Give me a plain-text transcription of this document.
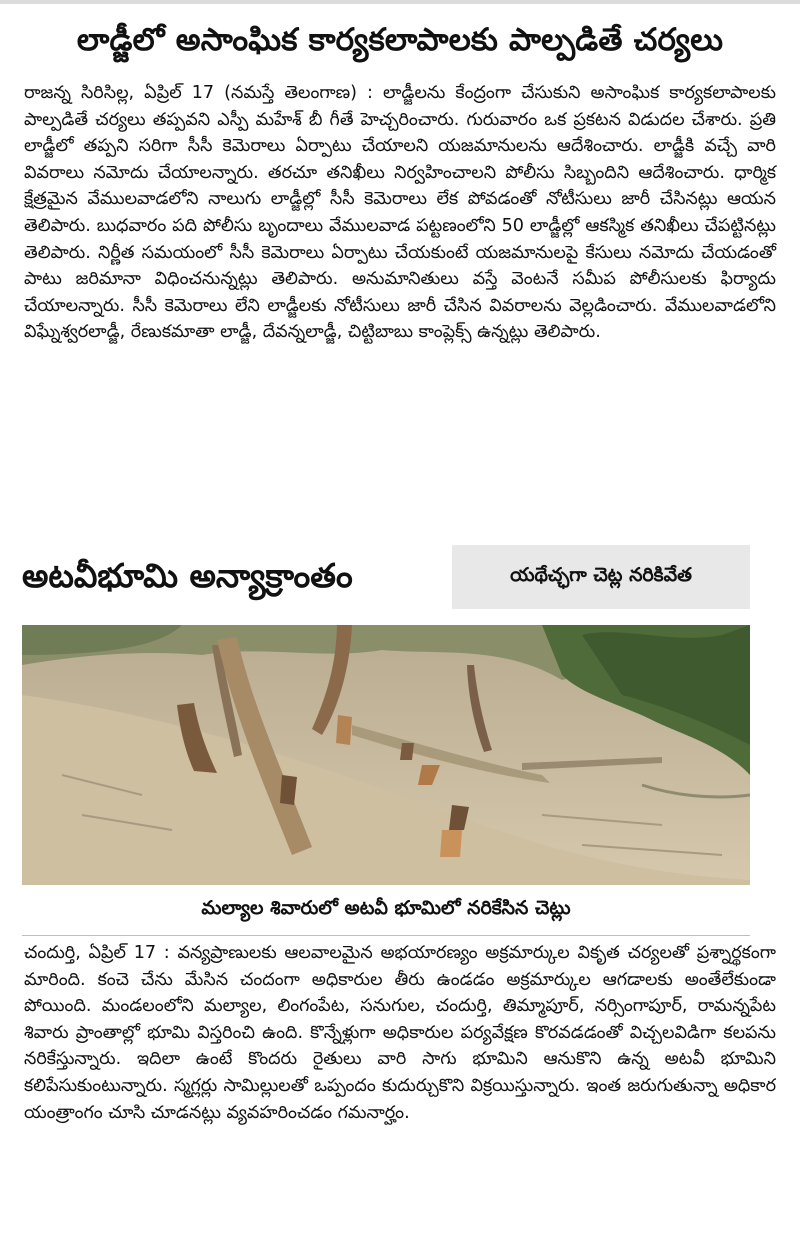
లాడ్జీలో అసాంఘిక కార్యకలాపాలకు పాల్పడితే చర్యలు
రాజన్న సిరిసిల్ల, ఏప్రిల్ 17 (నమస్తే తెలంగాణ) : లాడ్జీలను కేంద్రంగా చేసుకుని అసాంఘిక కార్యకలాపాలకు పాల్పడితే చర్యలు తప్పవని ఎస్పీ మహేశ్ బీ గీతే హెచ్చరించారు. గురువారం ఒక ప్రకటన విడుదల చేశారు. ప్రతి లాడ్జీలో తప్పని సరిగా సీసీ కెమెరాలు ఏర్పాటు చేయాలని యజమానులను ఆదేశించారు. లాడ్జీకి వచ్చే వారి వివరాలు నమోదు చేయాలన్నారు. తరచూ తనిఖీలు నిర్వహించాలని పోలీసు సిబ్బందిని ఆదేశించారు. ధార్మిక క్షేత్రమైన వేములవాడలోని నాలుగు లాడ్జీల్లో సీసీ కెమెరాలు లేక పోవడంతో నోటీసులు జారీ చేసినట్లు ఆయన తెలిపారు. బుధవారం పది పోలీసు బృందాలు వేములవాడ పట్టణంలోని 50 లాడ్జీల్లో ఆకస్మిక తనిఖీలు చేపట్టినట్లు తెలిపారు. నిర్ణీత సమయంలో సీసీ కెమెరాలు ఏర్పాటు చేయకుంటే యజమానులపై కేసులు నమోదు చేయడంతో పాటు జరిమానా విధించనున్నట్లు తెలిపారు. అనుమానితులు వస్తే వెంటనే సమీప పోలీసులకు ఫిర్యాదు చేయాలన్నారు. సీసీ కెమెరాలు లేని లాడ్జీలకు నోటీసులు జారీ చేసిన వివరాలను వెల్లడించారు. వేములవాడలోని విఘ్నేశ్వరలాడ్జీ, రేణుకమాతా లాడ్జీ, దేవన్నలాడ్జీ, చిట్టిబాబు కాంప్లెక్స్ ఉన్నట్లు తెలిపారు.
అటవీభూమి అన్యాక్రాంతం	యథేచ్ఛగా చెట్ల నరికివేత
మల్యాల శివారులో అటవీ భూమిలో నరికేసిన చెట్లు
చందుర్తి, ఏప్రిల్ 17 : వన్యప్రాణులకు ఆలవాలమైన అభయారణ్యం అక్రమార్కుల వికృత చర్యలతో ప్రశ్నార్థకంగా మారింది. కంచె చేను మేసిన చందంగా అధికారుల తీరు ఉండడం అక్రమార్కుల ఆగడాలకు అంతేలేకుండా పోయింది. మండలంలోని మల్యాల, లింగంపేట, సనుగుల, చందుర్తి, తిమ్మాపూర్, నర్సింగాపూర్, రామన్నపేట శివారు ప్రాంతాల్లో భూమి విస్తరించి ఉంది. కొన్నేళ్లుగా అధికారుల పర్యవేక్షణ కొరవడడంతో విచ్చలవిడిగా కలపను నరికేస్తున్నారు. ఇదిలా ఉంటే కొందరు రైతులు వారి సాగు భూమిని ఆనుకొని ఉన్న అటవీ భూమిని కలిపేసుకుంటున్నారు. స్మగ్లర్లు సామిల్లులతో ఒప్పందం కుదుర్చుకొని విక్రయిస్తున్నారు. ఇంత జరుగుతున్నా అధికార యంత్రాంగం చూసి చూడనట్లు వ్యవహరించడం గమనార్హం.
